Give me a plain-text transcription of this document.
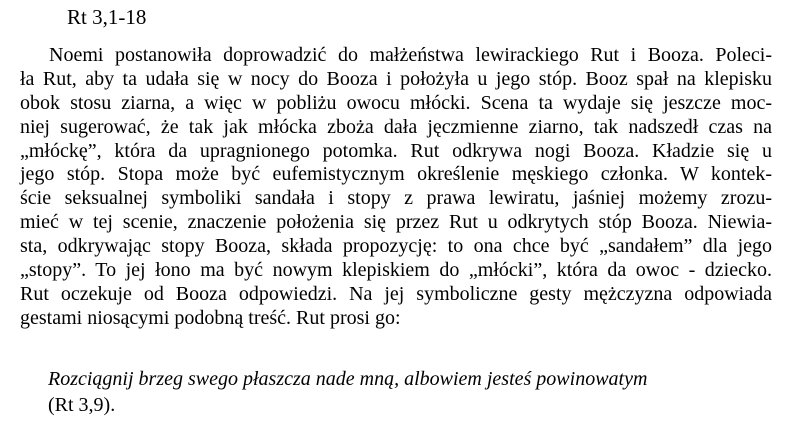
Rt 3,1-18
Noemi postanowiła doprowadzić do małżeństwa lewirackiego Rut i Booza. Poleci-
ła Rut, aby ta udała się w nocy do Booza i położyła u jego stóp. Booz spał na klepisku
obok stosu ziarna, a więc w pobliżu owocu młócki. Scena ta wydaje się jeszcze moc-
niej sugerować, że tak jak młócka zboża dała jęczmienne ziarno, tak nadszedł czas na
„młóckę”, która da upragnionego potomka. Rut odkrywa nogi Booza. Kładzie się u
jego stóp. Stopa może być eufemistycznym określenie męskiego członka. W kontek-
ście seksualnej symboliki sandała i stopy z prawa lewiratu, jaśniej możemy zrozu-
mieć w tej scenie, znaczenie położenia się przez Rut u odkrytych stóp Booza. Niewia-
sta, odkrywając stopy Booza, składa propozycję: to ona chce być „sandałem” dla jego
„stopy”. To jej łono ma być nowym klepiskiem do „młócki”, która da owoc - dziecko.
Rut oczekuje od Booza odpowiedzi. Na jej symboliczne gesty mężczyzna odpowiada
gestami niosącymi podobną treść. Rut prosi go:
Rozciągnij brzeg swego płaszcza nade mną, albowiem jesteś powinowatym
(Rt 3,9).
